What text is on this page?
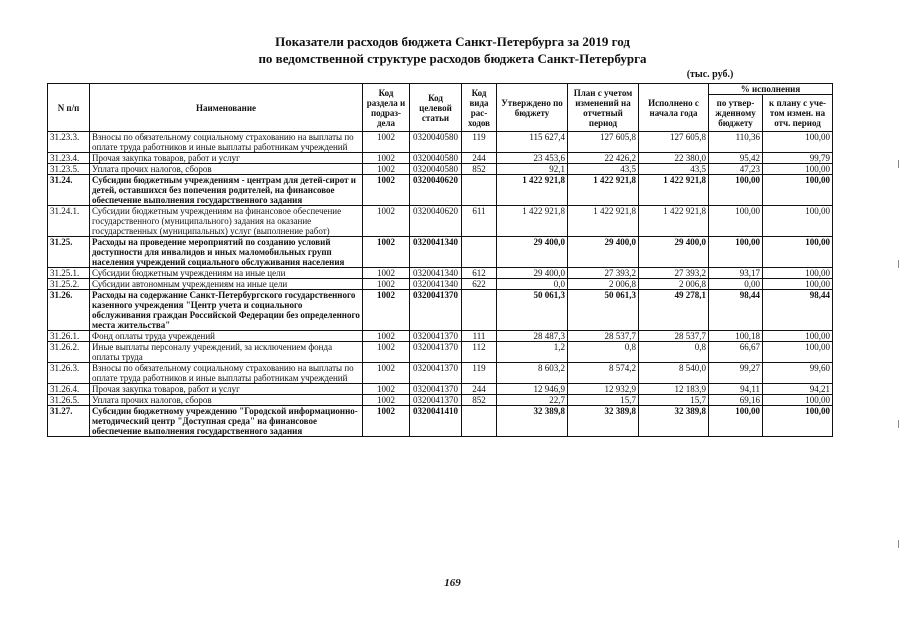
Показатели расходов бюджета Санкт-Петербурга за 2019 год
по ведомственной структуре расходов бюджета Санкт-Петербурга
(тыс. руб.)
N п/п	Наименование	Код раздела и подраз-дела	Код целевой статьи	Код вида рас-ходов	Утверждено по бюджету	План с учетом изменений на отчетный период	Исполнено с начала года	% исполнения	
								по утвер-жденному бюджету	к плану с уче-том измен. на отч. период
31.23.3.	Взносы по обязательному социальному страхованию на выплаты по оплате труда работников и иные выплаты работникам учреждений	1002	0320040580	119	115 627,4	127 605,8	127 605,8	110,36	100,00
31.23.4.	Прочая закупка товаров, работ и услуг	1002	0320040580	244	23 453,6	22 426,2	22 380,0	95,42	99,79
31.23.5.	Уплата прочих налогов, сборов	1002	0320040580	852	92,1	43,5	43,5	47,23	100,00
31.24.	Субсидии бюджетным учреждениям - центрам для детей-сирот и детей, оставшихся без попечения родителей, на финансовое обеспечение выполнения государственного задания	1002	0320040620		1 422 921,8	1 422 921,8	1 422 921,8	100,00	100,00
31.24.1.	Субсидии бюджетным учреждениям на финансовое обеспечение государственного (муниципального) задания на оказание государственных (муниципальных) услуг (выполнение работ)	1002	0320040620	611	1 422 921,8	1 422 921,8	1 422 921,8	100,00	100,00
31.25.	Расходы на проведение мероприятий по созданию условий доступности для инвалидов и иных маломобильных групп населения учреждений социального обслуживания населения	1002	0320041340		29 400,0	29 400,0	29 400,0	100,00	100,00
31.25.1.	Субсидии бюджетным учреждениям на иные цели	1002	0320041340	612	29 400,0	27 393,2	27 393,2	93,17	100,00
31.25.2.	Субсидии автономным учреждениям на иные цели	1002	0320041340	622	0,0	2 006,8	2 006,8	0,00	100,00
31.26.	Расходы на содержание Санкт-Петербургского государственного казенного учреждения "Центр учета и социального обслуживания граждан Российской Федерации без определенного места жительства"	1002	0320041370		50 061,3	50 061,3	49 278,1	98,44	98,44
31.26.1.	Фонд оплаты труда учреждений	1002	0320041370	111	28 487,3	28 537,7	28 537,7	100,18	100,00
31.26.2.	Иные выплаты персоналу учреждений, за исключением фонда оплаты труда	1002	0320041370	112	1,2	0,8	0,8	66,67	100,00
31.26.3.	Взносы по обязательному социальному страхованию на выплаты по оплате труда работников и иные выплаты работникам учреждений	1002	0320041370	119	8 603,2	8 574,2	8 540,0	99,27	99,60
31.26.4.	Прочая закупка товаров, работ и услуг	1002	0320041370	244	12 946,9	12 932,9	12 183,9	94,11	94,21
31.26.5.	Уплата прочих налогов, сборов	1002	0320041370	852	22,7	15,7	15,7	69,16	100,00
31.27.	Субсидии бюджетному учреждению "Городской информационно-методический центр "Доступная среда" на финансовое обеспечение выполнения государственного задания	1002	0320041410		32 389,8	32 389,8	32 389,8	100,00	100,00
169
